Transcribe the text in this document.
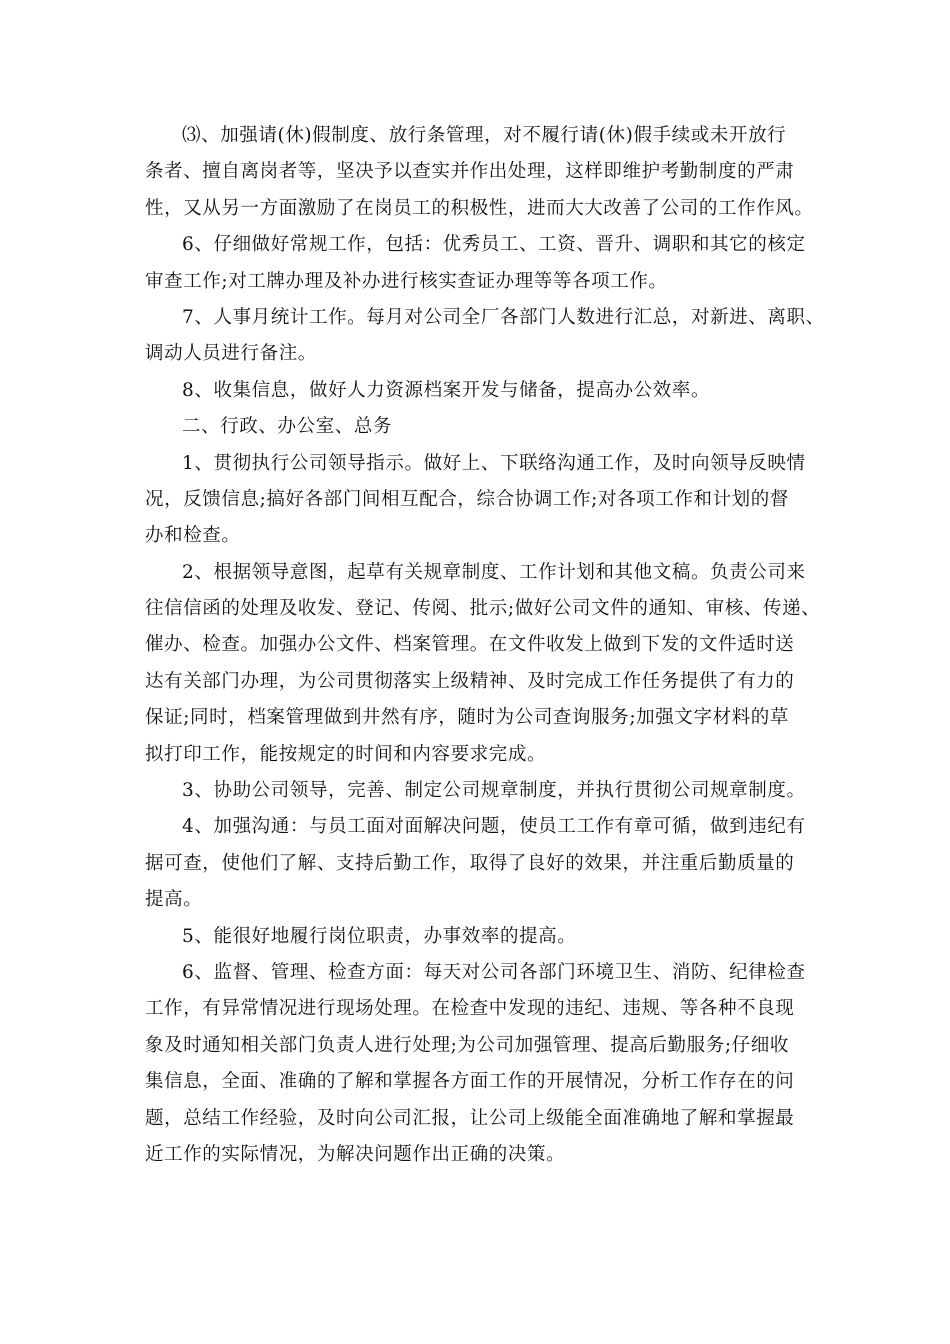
⑶、加强请(休)假制度、放行条管理，对不履行请(休)假手续或未开放行
条者、擅自离岗者等，坚决予以查实并作出处理，这样即维护考勤制度的严肃
性，又从另一方面激励了在岗员工的积极性，进而大大改善了公司的工作作风。
6、仔细做好常规工作，包括：优秀员工、工资、晋升、调职和其它的核定
审查工作;对工牌办理及补办进行核实查证办理等等各项工作。
7、人事月统计工作。每月对公司全厂各部门人数进行汇总，对新进、离职、
调动人员进行备注。
8、收集信息，做好人力资源档案开发与储备，提高办公效率。
二、行政、办公室、总务
1、贯彻执行公司领导指示。做好上、下联络沟通工作，及时向领导反映情
况，反馈信息;搞好各部门间相互配合，综合协调工作;对各项工作和计划的督
办和检查。
2、根据领导意图，起草有关规章制度、工作计划和其他文稿。负责公司来
往信信函的处理及收发、登记、传阅、批示;做好公司文件的通知、审核、传递、
催办、检查。加强办公文件、档案管理。在文件收发上做到下发的文件适时送
达有关部门办理，为公司贯彻落实上级精神、及时完成工作任务提供了有力的
保证;同时，档案管理做到井然有序，随时为公司查询服务;加强文字材料的草
拟打印工作，能按规定的时间和内容要求完成。
3、协助公司领导，完善、制定公司规章制度，并执行贯彻公司规章制度。
4、加强沟通：与员工面对面解决问题，使员工工作有章可循，做到违纪有
据可查，使他们了解、支持后勤工作，取得了良好的效果，并注重后勤质量的
提高。
5、能很好地履行岗位职责，办事效率的提高。
6、监督、管理、检查方面：每天对公司各部门环境卫生、消防、纪律检查
工作，有异常情况进行现场处理。在检查中发现的违纪、违规、等各种不良现
象及时通知相关部门负责人进行处理;为公司加强管理、提高后勤服务;仔细收
集信息，全面、准确的了解和掌握各方面工作的开展情况，分析工作存在的问
题，总结工作经验，及时向公司汇报，让公司上级能全面准确地了解和掌握最
近工作的实际情况，为解决问题作出正确的决策。
